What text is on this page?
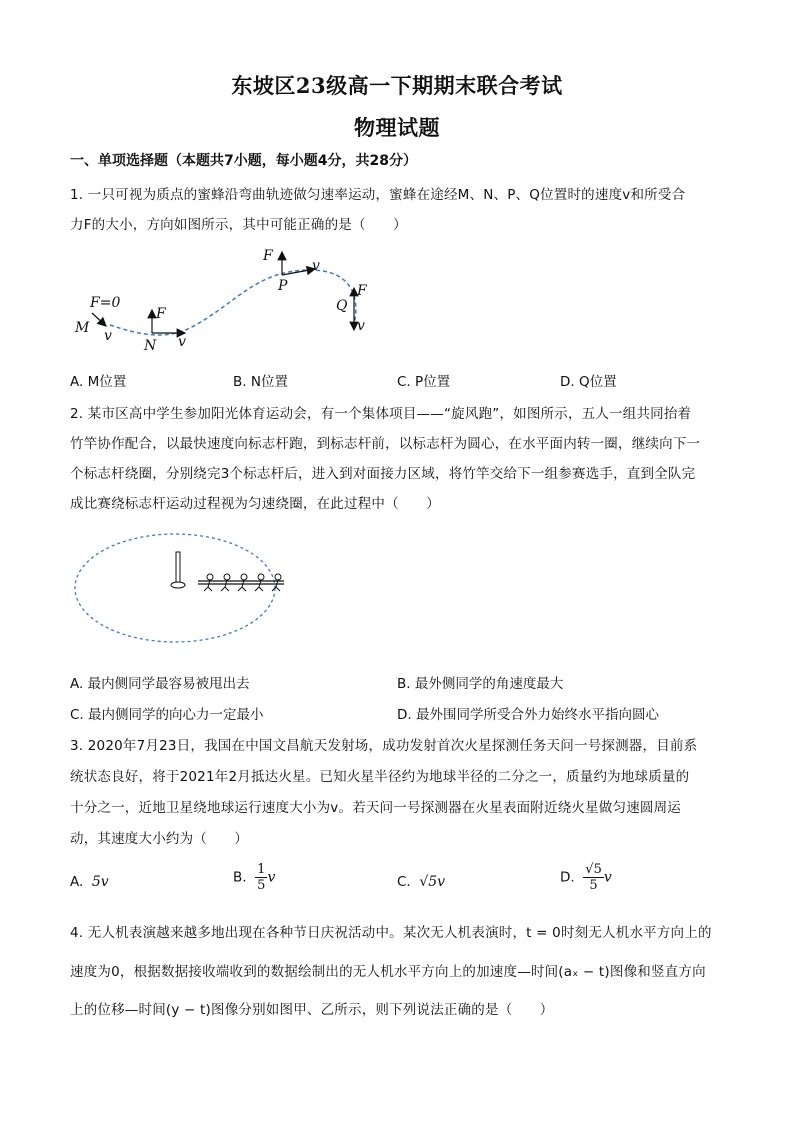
东坡区23级高一下期期末联合考试
物理试题
一、单项选择题（本题共7小题，每小题4分，共28分）
1. 一只可视为质点的蜜蜂沿弯曲轨迹做匀速率运动，蜜蜂在途经M、N、P、Q位置时的速度v和所受合
力F的大小，方向如图所示，其中可能正确的是（　　）
F=0
M v
F
N v
F
P
v
F
Q
v
A. M位置	B. N位置	C. P位置	D. Q位置
2. 某市区高中学生参加阳光体育运动会，有一个集体项目——“旋风跑”，如图所示，五人一组共同抬着
竹竿协作配合，以最快速度向标志杆跑，到标志杆前，以标志杆为圆心，在水平面内转一圈，继续向下一
个标志杆绕圈，分别绕完3个标志杆后，进入到对面接力区域，将竹竿交给下一组参赛选手，直到全队完
成比赛绕标志杆运动过程视为匀速绕圈，在此过程中（　　）
A. 最内侧同学最容易被甩出去	B. 最外侧同学的角速度最大
C. 最内侧同学的向心力一定最小	D. 最外围同学所受合外力始终水平指向圆心
3. 2020年7月23日，我国在中国文昌航天发射场，成功发射首次火星探测任务天问一号探测器，目前系
统状态良好，将于2021年2月抵达火星。已知火星半径约为地球半径的二分之一，质量约为地球质量的
十分之一，近地卫星绕地球运行速度大小为v。若天问一号探测器在火星表面附近绕火星做匀速圆周运
动，其速度大小约为（　　）
A. 5v	B. $\frac{1}{5}$ v	C. √5v	D. $\frac{√5}{5}$ v
4. 无人机表演越来越多地出现在各种节日庆祝活动中。某次无人机表演时，t = 0时刻无人机水平方向上的
速度为0，根据数据接收端收到的数据绘制出的无人机水平方向上的加速度—时间(aₓ − t)图像和竖直方向
上的位移—时间(y − t)图像分别如图甲、乙所示，则下列说法正确的是（　　）
